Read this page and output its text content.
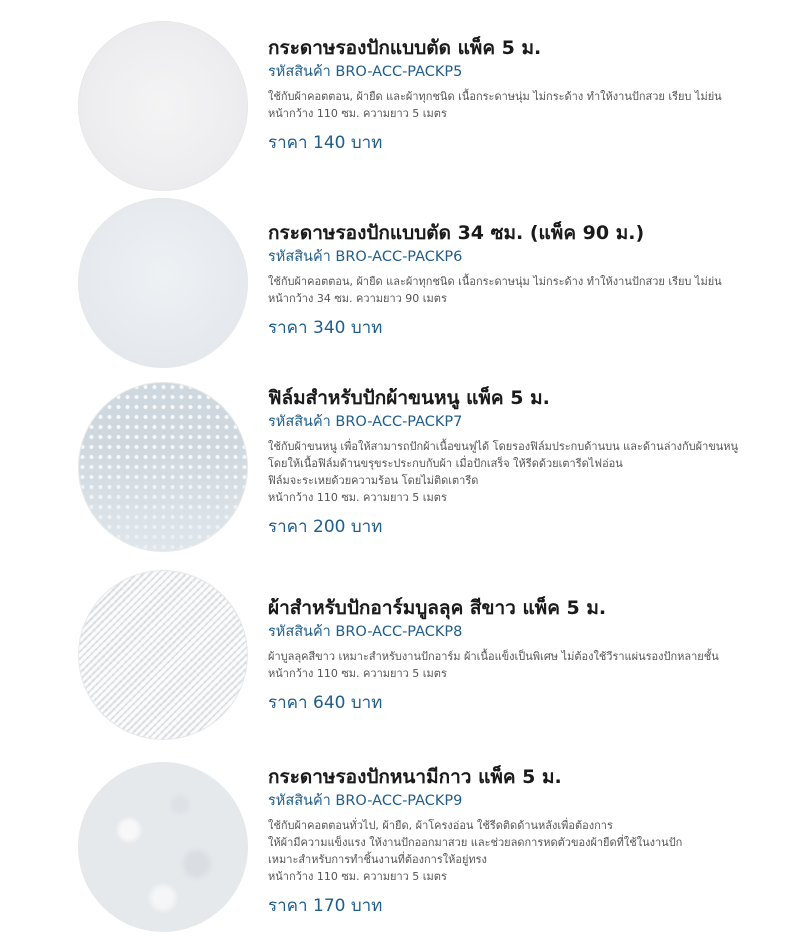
กระดาษรองปักแบบตัด แพ็ค 5 ม.
รหัสสินค้า BRO-ACC-PACKP5
ใช้กับผ้าคอตตอน, ผ้ายืด และผ้าทุกชนิด เนื้อกระดาษนุ่ม ไม่กระด้าง ทำให้งานปักสวย เรียบ ไม่ย่น
หน้ากว้าง 110 ซม. ความยาว 5 เมตร
ราคา 140 บาท
กระดาษรองปักแบบตัด 34 ซม. (แพ็ค 90 ม.)
รหัสสินค้า BRO-ACC-PACKP6
ใช้กับผ้าคอตตอน, ผ้ายืด และผ้าทุกชนิด เนื้อกระดาษนุ่ม ไม่กระด้าง ทำให้งานปักสวย เรียบ ไม่ย่น
หน้ากว้าง 34 ซม. ความยาว 90 เมตร
ราคา 340 บาท
ฟิล์มสำหรับปักผ้าขนหนู แพ็ค 5 ม.
รหัสสินค้า BRO-ACC-PACKP7
ใช้กับผ้าขนหนู เพื่อให้สามารถปักผ้าเนื้อขนฟูได้ โดยรองฟิล์มประกบด้านบน และด้านล่างกับผ้าขนหนู
โดยให้เนื้อฟิล์มด้านขรุขระประกบกับผ้า เมื่อปักเสร็จ ให้รีดด้วยเตารีดไฟอ่อน
ฟิล์มจะระเหยด้วยความร้อน โดยไม่ติดเตารีด
หน้ากว้าง 110 ซม. ความยาว 5 เมตร
ราคา 200 บาท
ผ้าสำหรับปักอาร์มบูลลุค สีขาว แพ็ค 5 ม.
รหัสสินค้า BRO-ACC-PACKP8
ผ้าบูลลุคสีขาว เหมาะสำหรับงานปักอาร์ม ผ้าเนื้อแข็งเป็นพิเศษ ไม่ต้องใช้วีราแผ่นรองปักหลายชั้น
หน้ากว้าง 110 ซม. ความยาว 5 เมตร
ราคา 640 บาท
กระดาษรองปักหนามีกาว แพ็ค 5 ม.
รหัสสินค้า BRO-ACC-PACKP9
ใช้กับผ้าคอตตอนทั่วไป, ผ้ายืด, ผ้าโครงอ่อน ใช้รีดติดด้านหลังเพื่อต้องการ
ให้ผ้ามีความแข็งแรง ให้งานปักออกมาสวย และช่วยลดการหดตัวของผ้ายืดที่ใช้ในงานปัก
เหมาะสำหรับการทำชิ้นงานที่ต้องการให้อยู่ทรง
หน้ากว้าง 110 ซม. ความยาว 5 เมตร
ราคา 170 บาท
